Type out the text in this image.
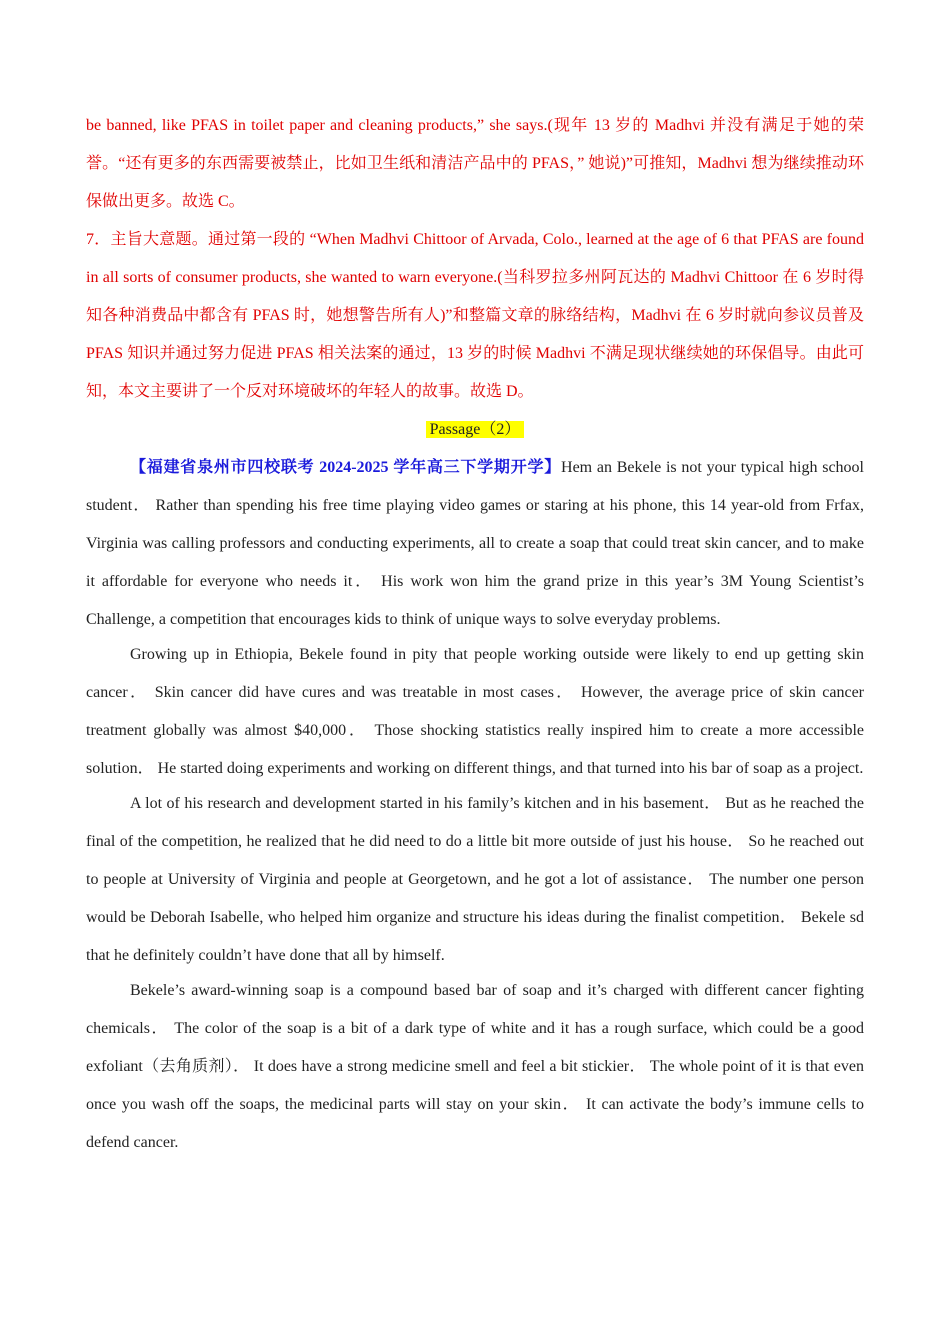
be banned, like PFAS in toilet paper and cleaning products,” she says.(现年 13 岁的 Madhvi 并没有满足于她的荣誉。“还有更多的东西需要被禁止，比如卫生纸和清洁产品中的 PFAS，” 她说)”可推知，Madhvi 想为继续推动环保做出更多。故选 C。

7．主旨大意题。通过第一段的 “When Madhvi Chittoor of Arvada, Colo., learned at the age of 6 that PFAS are found in all sorts of consumer products, she wanted to warn everyone.(当科罗拉多州阿瓦达的 Madhvi Chittoor 在 6 岁时得知各种消费品中都含有 PFAS 时，她想警告所有人)”和整篇文章的脉络结构，Madhvi 在 6 岁时就向参议员普及 PFAS 知识并通过努力促进 PFAS 相关法案的通过，13 岁的时候 Madhvi 不满足现状继续她的环保倡导。由此可知，本文主要讲了一个反对环境破坏的年轻人的故事。故选 D。

Passage（2）

【福建省泉州市四校联考 2024-2025 学年高三下学期开学】Hem an Bekele is not your typical high school student． Rather than spending his free time playing video games or staring at his phone, this 14 year-old from Frfax, Virginia was calling professors and conducting experiments, all to create a soap that could treat skin cancer, and to make it affordable for everyone who needs it． His work won him the grand prize in this year’s 3M Young Scientist’s Challenge, a competition that encourages kids to think of unique ways to solve everyday problems.

Growing up in Ethiopia, Bekele found in pity that people working outside were likely to end up getting skin cancer． Skin cancer did have cures and was treatable in most cases． However, the average price of skin cancer treatment globally was almost $40,000． Those shocking statistics really inspired him to create a more accessible solution． He started doing experiments and working on different things, and that turned into his bar of soap as a project.

A lot of his research and development started in his family’s kitchen and in his basement． But as he reached the final of the competition, he realized that he did need to do a little bit more outside of just his house． So he reached out to people at University of Virginia and people at Georgetown, and he got a lot of assistance． The number one person would be Deborah Isabelle, who helped him organize and structure his ideas during the finalist competition． Bekele sd that he definitely couldn’t have done that all by himself.

Bekele’s award-winning soap is a compound based bar of soap and it’s charged with different cancer fighting chemicals． The color of the soap is a bit of a dark type of white and it has a rough surface, which could be a good exfoliant（去角质剂）． It does have a strong medicine smell and feel a bit stickier． The whole point of it is that even once you wash off the soaps, the medicinal parts will stay on your skin． It can activate the body’s immune cells to defend cancer.
